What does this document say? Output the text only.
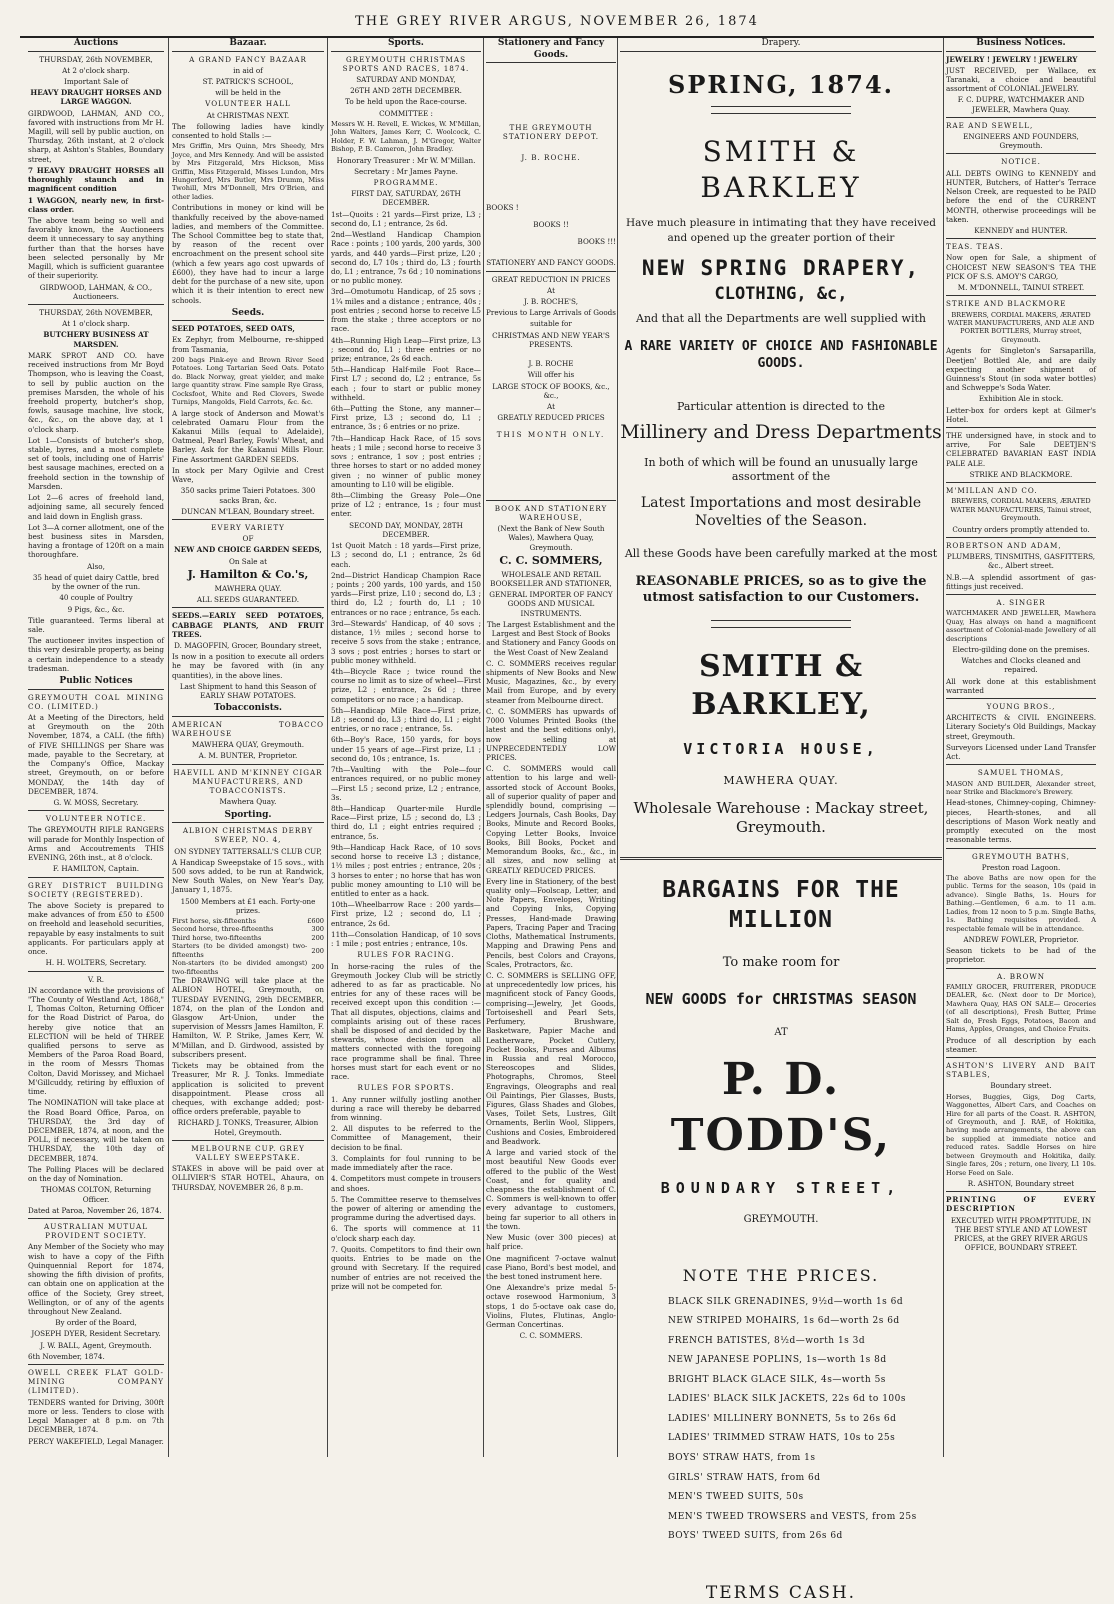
THE GREY RIVER ARGUS, NOVEMBER 26, 1874
Auctions

THURSDAY, 26th NOVEMBER,

At 2 o'clock sharp.

Important Sale of

HEAVY DRAUGHT HORSES AND LARGE WAGGON.

GIRDWOOD, LAHMAN, AND CO., favored with instructions from Mr H. Magill, will sell by public auction, on Thursday, 26th instant, at 2 o'clock sharp, at Ashton's Stables, Boundary street,

7 HEAVY DRAUGHT HORSES all thoroughly staunch and in magnificent condition

1 WAGGON, nearly new, in first-class order.

The above team being so well and favorably known, the Auctioneers deem it unnecessary to say anything further than that the horses have been selected personally by Mr Magill, which is sufficient guarantee of their superiority.

GIRDWOOD, LAHMAN, & CO., Auctioneers.

THURSDAY, 26th NOVEMBER,

At 1 o'clock sharp.

BUTCHERY BUSINESS AT MARSDEN.

MARK SPROT AND CO. have received instructions from Mr Boyd Thompson, who is leaving the Coast, to sell by public auction on the premises Marsden, the whole of his freehold property, butcher's shop, fowls, sausage machine, live stock, &c., &c., on the above day, at 1 o'clock sharp.

Lot 1—Consists of butcher's shop, stable, byres, and a most complete set of tools, including one of Harris' best sausage machines, erected on a freehold section in the township of Marsden.

Lot 2—6 acres of freehold land, adjoining same, all securely fenced and laid down in English grass.

Lot 3—A corner allotment, one of the best business sites in Marsden, having a frontage of 120ft on a main thoroughfare.

Also,

35 head of quiet dairy Cattle, bred by the owner of the run.

40 couple of Poultry

9 Pigs, &c., &c.

Title guaranteed. Terms liberal at sale.

The auctioneer invites inspection of this very desirable property, as being a certain independence to a steady tradesman.

Public Notices

GREYMOUTH COAL MINING CO. (LIMITED.)

At a Meeting of the Directors, held at Greymouth on the 20th November, 1874, a CALL (the fifth) of FIVE SHILLINGS per Share was made, payable to the Secretary, at the Company's Office, Mackay street, Greymouth, on or before MONDAY, the 14th day of DECEMBER, 1874.

G. W. MOSS, Secretary.

VOLUNTEER NOTICE.

The GREYMOUTH RIFLE RANGERS will parade for Monthly Inspection of Arms and Accoutrements THIS EVENING, 26th inst., at 8 o'clock.

F. HAMILTON, Captain.

GREY DISTRICT BUILDING SOCIETY (REGISTERED).

The above Society is prepared to make advances of from £50 to £500 on freehold and leasehold securities, repayable by easy instalments to suit applicants. For particulars apply at once.

H. H. WOLTERS, Secretary.

V. R.

IN accordance with the provisions of "The County of Westland Act, 1868," I, Thomas Colton, Returning Officer for the Road District of Paroa, do hereby give notice that an ELECTION will be held of THREE qualified persons to serve as Members of the Paroa Road Board, in the room of Messrs Thomas Colton, David Morissey, and Michael M'Gillcuddy, retiring by effluxion of time.

The NOMINATION will take place at the Road Board Office, Paroa, on THURSDAY, the 3rd day of DECEMBER, 1874, at noon, and the POLL, if necessary, will be taken on THURSDAY, the 10th day of DECEMBER, 1874.

The Polling Places will be declared on the day of Nomination.

THOMAS COLTON, Returning Officer.

Dated at Paroa, November 26, 1874.

AUSTRALIAN MUTUAL PROVIDENT SOCIETY.

Any Member of the Society who may wish to have a copy of the Fifth Quinquennial Report for 1874, showing the fifth division of profits, can obtain one on application at the office of the Society, Grey street, Wellington, or of any of the agents throughout New Zealand.

By order of the Board,

JOSEPH DYER, Resident Secretary.

J. W. BALL, Agent, Greymouth.

6th November, 1874.

OWELL CREEK FLAT GOLD-MINING COMPANY (LIMITED).

TENDERS wanted for Driving, 300ft more or less. Tenders to close with Legal Manager at 8 p.m. on 7th DECEMBER, 1874.

PERCY WAKEFIELD, Legal Manager.

Bazaar.

A GRAND FANCY BAZAAR

in aid of

ST. PATRICK'S SCHOOL,

will be held in the

VOLUNTEER HALL

At CHRISTMAS NEXT.

The following ladies have kindly consented to hold Stalls :—

Mrs Griffin, Mrs Quinn, Mrs Sheedy, Mrs Joyce, and Mrs Kennedy. And will be assisted by Mrs Fitzgerald, Mrs Hickson, Miss Griffin, Miss Fitzgerald, Misses Lundon, Mrs Hungerford, Mrs Butler, Mrs Drumm, Miss Twohill, Mrs M'Donnell, Mrs O'Brien, and other ladies.

Contributions in money or kind will be thankfully received by the above-named ladies, and members of the Committee. The School Committee beg to state that, by reason of the recent over encroachment on the present school site (which a few years ago cost upwards of £600), they have had to incur a large debt for the purchase of a new site, upon which it is their intention to erect new schools.

Seeds.

SEED POTATOES, SEED OATS,

Ex Zephyr, from Melbourne, re-shipped from Tasmania,

200 bags Pink-eye and Brown River Seed Potatoes. Long Tartarian Seed Oats. Potato do. Black Norway, great yielder, and make large quantity straw. Fine sample Rye Grass, Cocksfoot, White and Red Clovers, Swede Turnips, Mangolds, Field Carrots, &c. &c.

A large stock of Anderson and Mowat's celebrated Oamaru Flour from the Kakanui Mills (equal to Adelaide), Oatmeal, Pearl Barley, Fowls' Wheat, and Barley. Ask for the Kakanui Mills Flour. Fine Assortment GARDEN SEEDS.

In stock per Mary Ogilvie and Crest Wave,

350 sacks prime Taieri Potatoes. 300 sacks Bran, &c.

DUNCAN M'LEAN, Boundary street.

EVERY VARIETY

OF

NEW AND CHOICE GARDEN SEEDS,

On Sale at

J. Hamilton & Co.'s,

MAWHERA QUAY.

ALL SEEDS GUARANTEED.

SEEDS.—EARLY SEED POTATOES, CABBAGE PLANTS, AND FRUIT TREES.

D. MAGOFFIN, Grocer, Boundary street,

Is now in a position to execute all orders he may be favored with (in any quantities), in the above lines.

Last Shipment to hand this Season of EARLY SHAW POTATOES.

Tobacconists.

AMERICAN TOBACCO WAREHOUSE

MAWHERA QUAY, Greymouth.

A. M. BUNTER, Proprietor.

HAEVILL AND M'KINNEY CIGAR MANUFACTURERS, AND TOBACCONISTS.

Mawhera Quay.

Sporting.

ALBION CHRISTMAS DERBY SWEEP, NO. 4,

ON SYDNEY TATTERSALL'S CLUB CUP,

A Handicap Sweepstake of 15 sovs., with 500 sovs added, to be run at Randwick, New South Wales, on New Year's Day, January 1, 1875.

1500 Members at £1 each. Forty-one prizes.

First horse, six-fifteenths	£600
Second horse, three-fifteenths	300
Third horse, two-fifteenths	200
Starters (to be divided amongst) two-fifteenths	200
Non-starters (to be divided amongst) two-fifteenths	200

The DRAWING will take place at the ALBION HOTEL, Greymouth, on TUESDAY EVENING, 29th DECEMBER, 1874, on the plan of the London and Glasgow Art-Union, under the supervision of Messrs James Hamilton, F. Hamilton, W. P. Strike, James Kerr, W. M'Millan, and D. Girdwood, assisted by subscribers present.

Tickets may be obtained from the Treasurer, Mr R. J. Tonks. Immediate application is solicited to prevent disappointment. Please cross all cheques, with exchange added; post-office orders preferable, payable to

RICHARD J. TONKS, Treasurer, Albion Hotel, Greymouth.

MELBOURNE CUP. GREY VALLEY SWEEPSTAKE.

STAKES in above will be paid over at OLLIVIER'S STAR HOTEL, Ahaura, on THURSDAY, NOVEMBER 26, 8 p.m.

Sports.

GREYMOUTH CHRISTMAS SPORTS AND RACES, 1874.

SATURDAY AND MONDAY,

26TH AND 28TH DECEMBER.

To be held upon the Race-course.

COMMITTEE :

Messrs W. H. Revell, E. Wickes, W. M'Millan, John Walters, James Kerr, C. Woolcock, C. Holder, F. W. Lahman, J. M'Gregor, Walter Bishop, P. B. Cameron, John Bradley.

Honorary Treasurer : Mr W. M'Millan.

Secretary : Mr James Payne.

PROGRAMME.

FIRST DAY, SATURDAY, 26TH DECEMBER.

1st—Quoits : 21 yards—First prize, L3 ; second do, L1 ; entrance, 2s 6d.

2nd—Westland Handicap Champion Race : points ; 100 yards, 200 yards, 300 yards, and 440 yards—First prize, L20 ; second do, L7 10s ; third do, L3 ; fourth do, L1 ; entrance, 7s 6d ; 10 nominations or no public money.

3rd—Omotumotu Handicap, of 25 sovs ; 1¼ miles and a distance ; entrance, 40s ; post entries ; second horse to receive L5 from the stake ; three acceptors or no race.

4th—Running High Leap—First prize, L3 ; second do, L1 ; three entries or no prize; entrance, 2s 6d each.

5th—Handicap Half-mile Foot Race—First L7 ; second do, L2 ; entrance, 5s each ; four to start or public money withheld.

6th—Putting the Stone, any manner—First prize, L3 ; second do, L1 ; entrance, 3s ; 6 entries or no prize.

7th—Handicap Hack Race, of 15 sovs heats ; 1 mile ; second horse to receive 3 sovs ; entrance, 1 sov ; post entries ; three horses to start or no added money given ; no winner of public money amounting to L10 will be eligible.

8th—Climbing the Greasy Pole—One prize of L2 ; entrance, 1s ; four must enter.

SECOND DAY, MONDAY, 28TH DECEMBER.

1st Quoit Match : 18 yards—First prize, L3 ; second do, L1 ; entrance, 2s 6d each.

2nd—District Handicap Champion Race ; points ; 200 yards, 100 yards, and 150 yards—First prize, L10 ; second do, L3 ; third do, L2 ; fourth do, L1 ; 10 entrances or no race ; entrance, 5s each.

3rd—Stewards' Handicap, of 40 sovs ; distance, 1½ miles ; second horse to receive 5 sovs from the stake ; entrance, 3 sovs ; post entries ; horses to start or public money withheld.

4th—Bicycle Race ; twice round the course no limit as to size of wheel—First prize, L2 ; entrance, 2s 6d ; three competitors or no race ; a handicap.

5th—Handicap Mile Race—First prize, L8 ; second do, L3 ; third do, L1 ; eight entries, or no race ; entrance, 5s.

6th—Boy's Race, 150 yards, for boys under 15 years of age—First prize, L1 ; second do, 10s ; entrance, 1s.

7th—Vaulting with the Pole—four entrances required, or no public money—First L5 ; second prize, L2 ; entrance, 3s.

8th—Handicap Quarter-mile Hurdle Race—First prize, L5 ; second do, L3 ; third do, L1 ; eight entries required ; entrance, 5s.

9th—Handicap Hack Race, of 10 sovs second horse to receive L3 ; distance, 1½ miles ; post entries ; entrance, 20s ; 3 horses to enter ; no horse that has won public money amounting to L10 will be entitled to enter as a hack.

10th—Wheelbarrow Race : 200 yards—First prize, L2 ; second do, L1 ; entrance, 2s 6d.

11th—Consolation Handicap, of 10 sovs : 1 mile ; post entries ; entrance, 10s.

RULES FOR RACING.

In horse-racing the rules of the Greymouth Jockey Club will be strictly adhered to as far as practicable. No entries for any of these races will be received except upon this condition :—That all disputes, objections, claims and complaints arising out of these races shall be disposed of and decided by the stewards, whose decision upon all matters connected with the foregoing race programme shall be final. Three horses must start for each event or no race.

RULES FOR SPORTS.

1. Any runner wilfully jostling another during a race will thereby be debarred from winning.

2. All disputes to be referred to the Committee of Management, their decision to be final.

3. Complaints for foul running to be made immediately after the race.

4. Competitors must compete in trousers and shoes.

5. The Committee reserve to themselves the power of altering or amending the programme during the advertised days.

6. The sports will commence at 11 o'clock sharp each day.

7. Quoits. Competitors to find their own quoits. Entries to be made on the ground with Secretary. If the required number of entries are not received the prize will not be competed for.

Stationery and Fancy Goods.

THE GREYMOUTH STATIONERY DEPOT.

J. B. ROCHE.

BOOKS !

BOOKS !!

BOOKS !!!

STATIONERY AND FANCY GOODS.

GREAT REDUCTION IN PRICES

At

J. B. ROCHE'S,

Previous to Large Arrivals of Goods

suitable for

CHRISTMAS AND NEW YEAR'S PRESENTS.

J. B. ROCHE

Will offer his

LARGE STOCK OF BOOKS, &c., &c.,

At

GREATLY REDUCED PRICES

THIS MONTH ONLY.

BOOK AND STATIONERY WAREHOUSE,

(Next the Bank of New South Wales), Mawhera Quay, Greymouth.

C. C. SOMMERS,

WHOLESALE AND RETAIL BOOKSELLER AND STATIONER,

GENERAL IMPORTER OF FANCY GOODS AND MUSICAL INSTRUMENTS.

The Largest Establishment and the Largest and Best Stock of Books and Stationery and Fancy Goods on the West Coast of New Zealand

C. C. SOMMERS receives regular shipments of New Books and New Music, Magazines, &c., by every Mail from Europe, and by every steamer from Melbourne direct.

C. C. SOMMERS has upwards of 7000 Volumes Printed Books (the latest and the best editions only), now selling at UNPRECEDENTEDLY LOW PRICES.

C. C. SOMMERS would call attention to his large and well-assorted stock of Account Books, all of superior quality of paper and splendidly bound, comprising — Ledgers Journals, Cash Books, Day Books, Minute and Record Books, Copying Letter Books, Invoice Books, Bill Books, Pocket and Memorandum Books, &c., &c., in all sizes, and now selling at GREATLY REDUCED PRICES.

Every line in Stationery, of the best quality only—Foolscap, Letter, and Note Papers, Envelopes, Writing and Copying Inks, Copying Presses, Hand-made Drawing Papers, Tracing Paper and Tracing Cloths, Mathematical Instruments, Mapping and Drawing Pens and Pencils, best Colors and Crayons, Scales, Protractors, &c.

C. C. SOMMERS is SELLING OFF, at unprecedentedly low prices, his magnificent stock of Fancy Goods, comprising—Jewelry, Jet Goods, Tortoiseshell and Pearl Sets, Perfumery, Brushware, Basketware, Papier Mache and Leatherware, Pocket Cutlery, Pocket Books, Purses and Albums in Russia and real Morocco, Stereoscopes and Slides, Photographs, Chromos, Steel Engravings, Oleographs and real Oil Paintings, Pier Glasses, Busts, Figures, Glass Shades and Globes, Vases, Toilet Sets, Lustres, Gilt Ornaments, Berlin Wool, Slippers, Cushions and Cosies, Embroidered and Beadwork.

A large and varied stock of the most beautiful New Goods ever offered to the public of the West Coast, and for quality and cheapness the establishment of C. C. Sommers is well-known to offer every advantage to customers, being far superior to all others in the town.

New Music (over 300 pieces) at half price.

One magnificent 7-octave walnut case Piano, Bord's best model, and the best toned instrument here.

One Alexandre's prize medal 5-octave rosewood Harmonium, 3 stops, 1 do 5-octave oak case do, Violins, Flutes, Flutinas, Anglo-German Concertinas.

C. C. SOMMERS.

Drapery.

SPRING, 1874.

SMITH & BARKLEY

Have much pleasure in intimating that they have received and opened up the greater portion of their

NEW SPRING DRAPERY,

CLOTHING, &c,

And that all the Departments are well supplied with

A RARE VARIETY OF CHOICE AND FASHIONABLE GOODS.

Particular attention is directed to the

Millinery and Dress Departments

In both of which will be found an unusually large assortment of the

Latest Importations and most desirable Novelties of the Season.

All these Goods have been carefully marked at the most

REASONABLE PRICES, so as to give the utmost satisfaction to our Customers.

SMITH & BARKLEY,

VICTORIA HOUSE,

MAWHERA QUAY.

Wholesale Warehouse : Mackay street, Greymouth.

BARGAINS FOR THE MILLION

To make room for

NEW GOODS for CHRISTMAS SEASON

AT

P. D. TODD'S,

BOUNDARY STREET,

GREYMOUTH.

NOTE THE PRICES.

BLACK SILK GRENADINES, 9½d—worth 1s 6d

NEW STRIPED MOHAIRS, 1s 6d—worth 2s 6d

FRENCH BATISTES, 8½d—worth 1s 3d

NEW JAPANESE POPLINS, 1s—worth 1s 8d

BRIGHT BLACK GLACE SILK, 4s—worth 5s

LADIES' BLACK SILK JACKETS, 22s 6d to 100s

LADIES' MILLINERY BONNETS, 5s to 26s 6d

LADIES' TRIMMED STRAW HATS, 10s to 25s

BOYS' STRAW HATS, from 1s

GIRLS' STRAW HATS, from 6d

MEN'S TWEED SUITS, 50s

MEN'S TWEED TROWSERS and VESTS, from 25s

BOYS' TWEED SUITS, from 26s 6d

TERMS CASH.

Business Notices.

JEWELRY ! JEWELRY ! JEWELRY

JUST RECEIVED, per Wallace, ex Taranaki, a choice and beautiful assortment of COLONIAL JEWELRY.

F. C. DUPRE, WATCHMAKER AND JEWELER, Mawhera Quay.

RAE AND SEWELL,

ENGINEERS AND FOUNDERS, Greymouth.

NOTICE.

ALL DEBTS OWING to KENNEDY and HUNTER, Butchers, of Hatter's Terrace Nelson Creek, are requested to be PAID before the end of the CURRENT MONTH, otherwise proceedings will be taken.

KENNEDY and HUNTER.

TEAS. TEAS.

Now open for Sale, a shipment of CHOICEST NEW SEASON'S TEA THE PICK OF S.S. AMOY'S CARGO,

M. M'DONNELL, TAINUI STREET.

STRIKE AND BLACKMORE

BREWERS, CORDIAL MAKERS, ÆRATED WATER MANUFACTURERS, AND ALE AND PORTER BOTTLERS, Murray street, Greymouth.

Agents for Singleton's Sarsaparilla, Deetjen' Bottled Ale, and are daily expecting another shipment of Guinness's Stout (in soda water bottles) and Schweppe's Soda Water.

Exhibition Ale in stock.

Letter-box for orders kept at Gilmer's Hotel.

THE undersigned have, in stock and to arrive, For Sale DEETJEN'S CELEBRATED BAVARIAN EAST INDIA PALE ALE.

STRIKE AND BLACKMORE.

M'MILLAN AND CO.

BREWERS, CORDIAL MAKERS, ÆRATED WATER MANUFACTURERS, Tainui street, Greymouth.

Country orders promptly attended to.

ROBERTSON AND ADAM,

PLUMBERS, TINSMITHS, GASFITTERS, &c., Albert street.

N.B.—A splendid assortment of gas-fittings just received.

A. SINGER

WATCHMAKER AND JEWELLER, Mawhera Quay, Has always on hand a magnificent assortment of Colonial-made Jewellery of all descriptions

Electro-gilding done on the premises.

Watches and Clocks cleaned and repaired.

All work done at this establishment warranted

YOUNG BROS.,

ARCHITECTS & CIVIL ENGINEERS. Literary Society's Old Buildings, Mackay street, Greymouth.

Surveyors Licensed under Land Transfer Act.

SAMUEL THOMAS,

MASON AND BUILDER, Alexander street, near Strike and Blackmore's Brewery.

Head-stones, Chimney-coping, Chimney-pieces, Hearth-stones, and all descriptions of Mason Work neatly and promptly executed on the most reasonable terms.

GREYMOUTH BATHS,

Preston road Lagoon.

The above Baths are now open for the public. Terms for the season, 10s (paid in advance). Single Baths, 1s. Hours for Bathing.—Gentlemen, 6 a.m. to 11 a.m. Ladies, from 12 noon to 5 p.m. Single Baths, 1s. Bathing requisites provided. A respectable female will be in attendance.

ANDREW FOWLER, Proprietor.

Season tickets to be had of the proprietor.

A. BROWN

FAMILY GROCER, FRUITERER, PRODUCE DEALER, &c. (Next door to Dr Morice), Mawhera Quay, HAS ON SALE— Groceries (of all descriptions), Fresh Butter, Prime Salt do, Fresh Eggs, Potatoes, Bacon and Hams, Apples, Oranges, and Choice Fruits.

Produce of all description by each steamer.

ASHTON'S LIVERY AND BAIT STABLES,

Boundary street.

Horses, Buggies, Gigs, Dog Carts, Waggonettes, Albert Cars, and Coaches on Hire for all parts of the Coast. R. ASHTON, of Greymouth, and J. RAE, of Hokitika, having made arrangements, the above can be supplied at immediate notice and reduced rates. Saddle Horses on hire between Greymouth and Hokitika, daily. Single fares, 20s ; return, one livery, L1 10s. Horse Feed on Sale.

R. ASHTON, Boundary street

PRINTING OF EVERY DESCRIPTION

EXECUTED WITH PROMPTITUDE, IN THE BEST STYLE AND AT LOWEST PRICES, at the GREY RIVER ARGUS OFFICE, BOUNDARY STREET.
